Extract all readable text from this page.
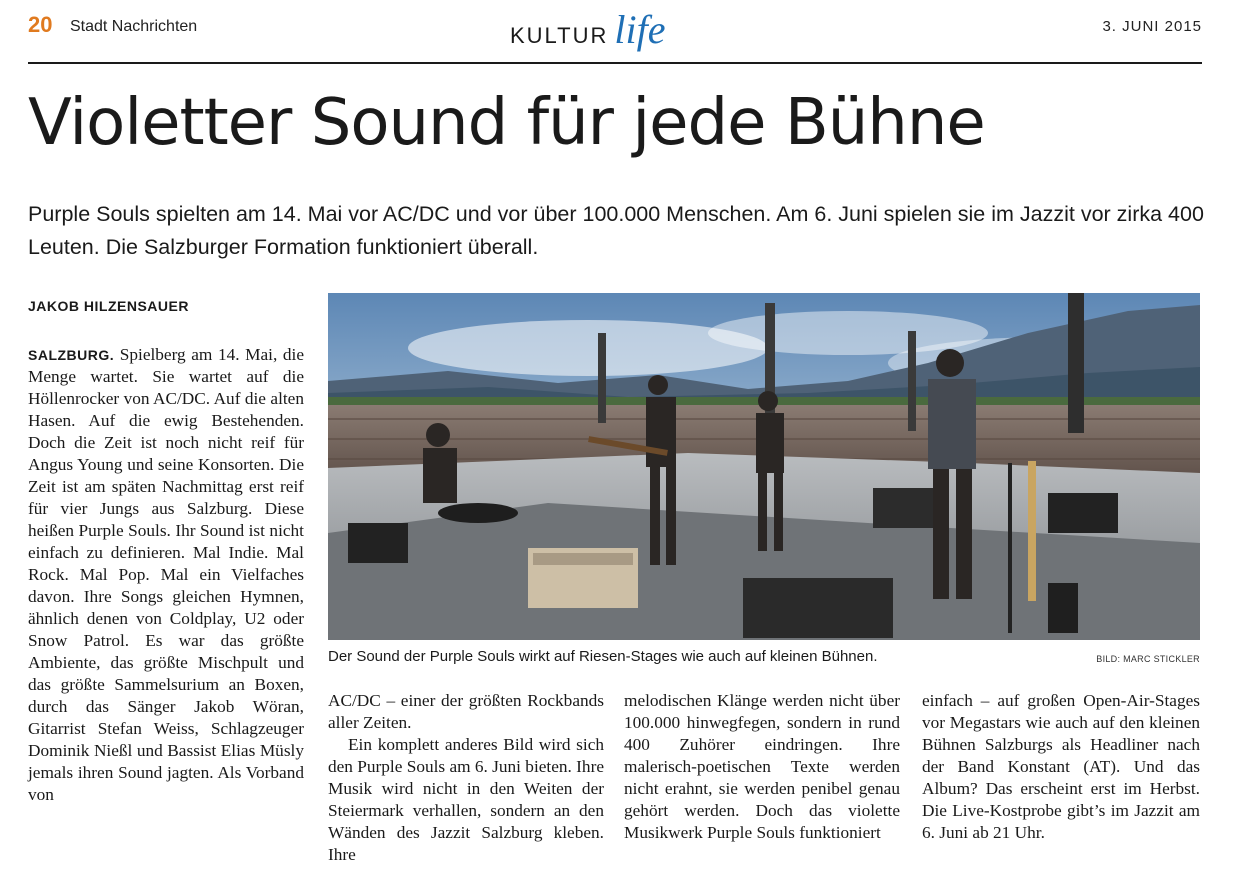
20 Stadt Nachrichten	KULTUR life	3. JUNI 2015
Violetter Sound für jede Bühne

Purple Souls spielten am 14. Mai vor AC/DC und vor über 100.000 Menschen. Am 6. Juni spielen sie im Jazzit vor zirka 400 Leuten. Die Salzburger Formation funktioniert überall.

JAKOB HILZENSAUER

SALZBURG. Spielberg am 14. Mai, die Menge wartet. Sie wartet auf die Höllenrocker von AC/DC. Auf die alten Hasen. Auf die ewig Bestehenden. Doch die Zeit ist noch nicht reif für Angus Young und seine Konsorten. Die Zeit ist am späten Nachmittag erst reif für vier Jungs aus Salzburg. Diese heißen Purple Souls. Ihr Sound ist nicht einfach zu definieren. Mal Indie. Mal Rock. Mal Pop. Mal ein Vielfaches davon. Ihre Songs gleichen Hymnen, ähnlich denen von Coldplay, U2 oder Snow Patrol. Es war das größte Ambiente, das größte Mischpult und das größte Sammelsurium an Boxen, durch das Sänger Jakob Wöran, Gitarrist Stefan Weiss, Schlagzeuger Dominik Nießl und Bassist Elias Müsly jemals ihren Sound jagten. Als Vorband von

Der Sound der Purple Souls wirkt auf Riesen-Stages wie auch auf kleinen Bühnen.	BILD: MARC STICKLER
AC/DC – einer der größten Rockbands aller Zeiten.
Ein komplett anderes Bild wird sich den Purple Souls am 6. Juni bieten. Ihre Musik wird nicht in den Weiten der Steiermark verhallen, sondern an den Wänden des Jazzit Salzburg kleben. Ihre

melodischen Klänge werden nicht über 100.000 hinwegfegen, sondern in rund 400 Zuhörer eindringen. Ihre malerisch-poetischen Texte werden nicht erahnt, sie werden penibel genau gehört werden. Doch das violette Musikwerk Purple Souls funktioniert

einfach – auf großen Open-Air-Stages vor Megastars wie auch auf den kleinen Bühnen Salzburgs als Headliner nach der Band Konstant (AT). Und das Album? Das erscheint erst im Herbst. Die Live-Kostprobe gibt’s im Jazzit am 6. Juni ab 21 Uhr.
